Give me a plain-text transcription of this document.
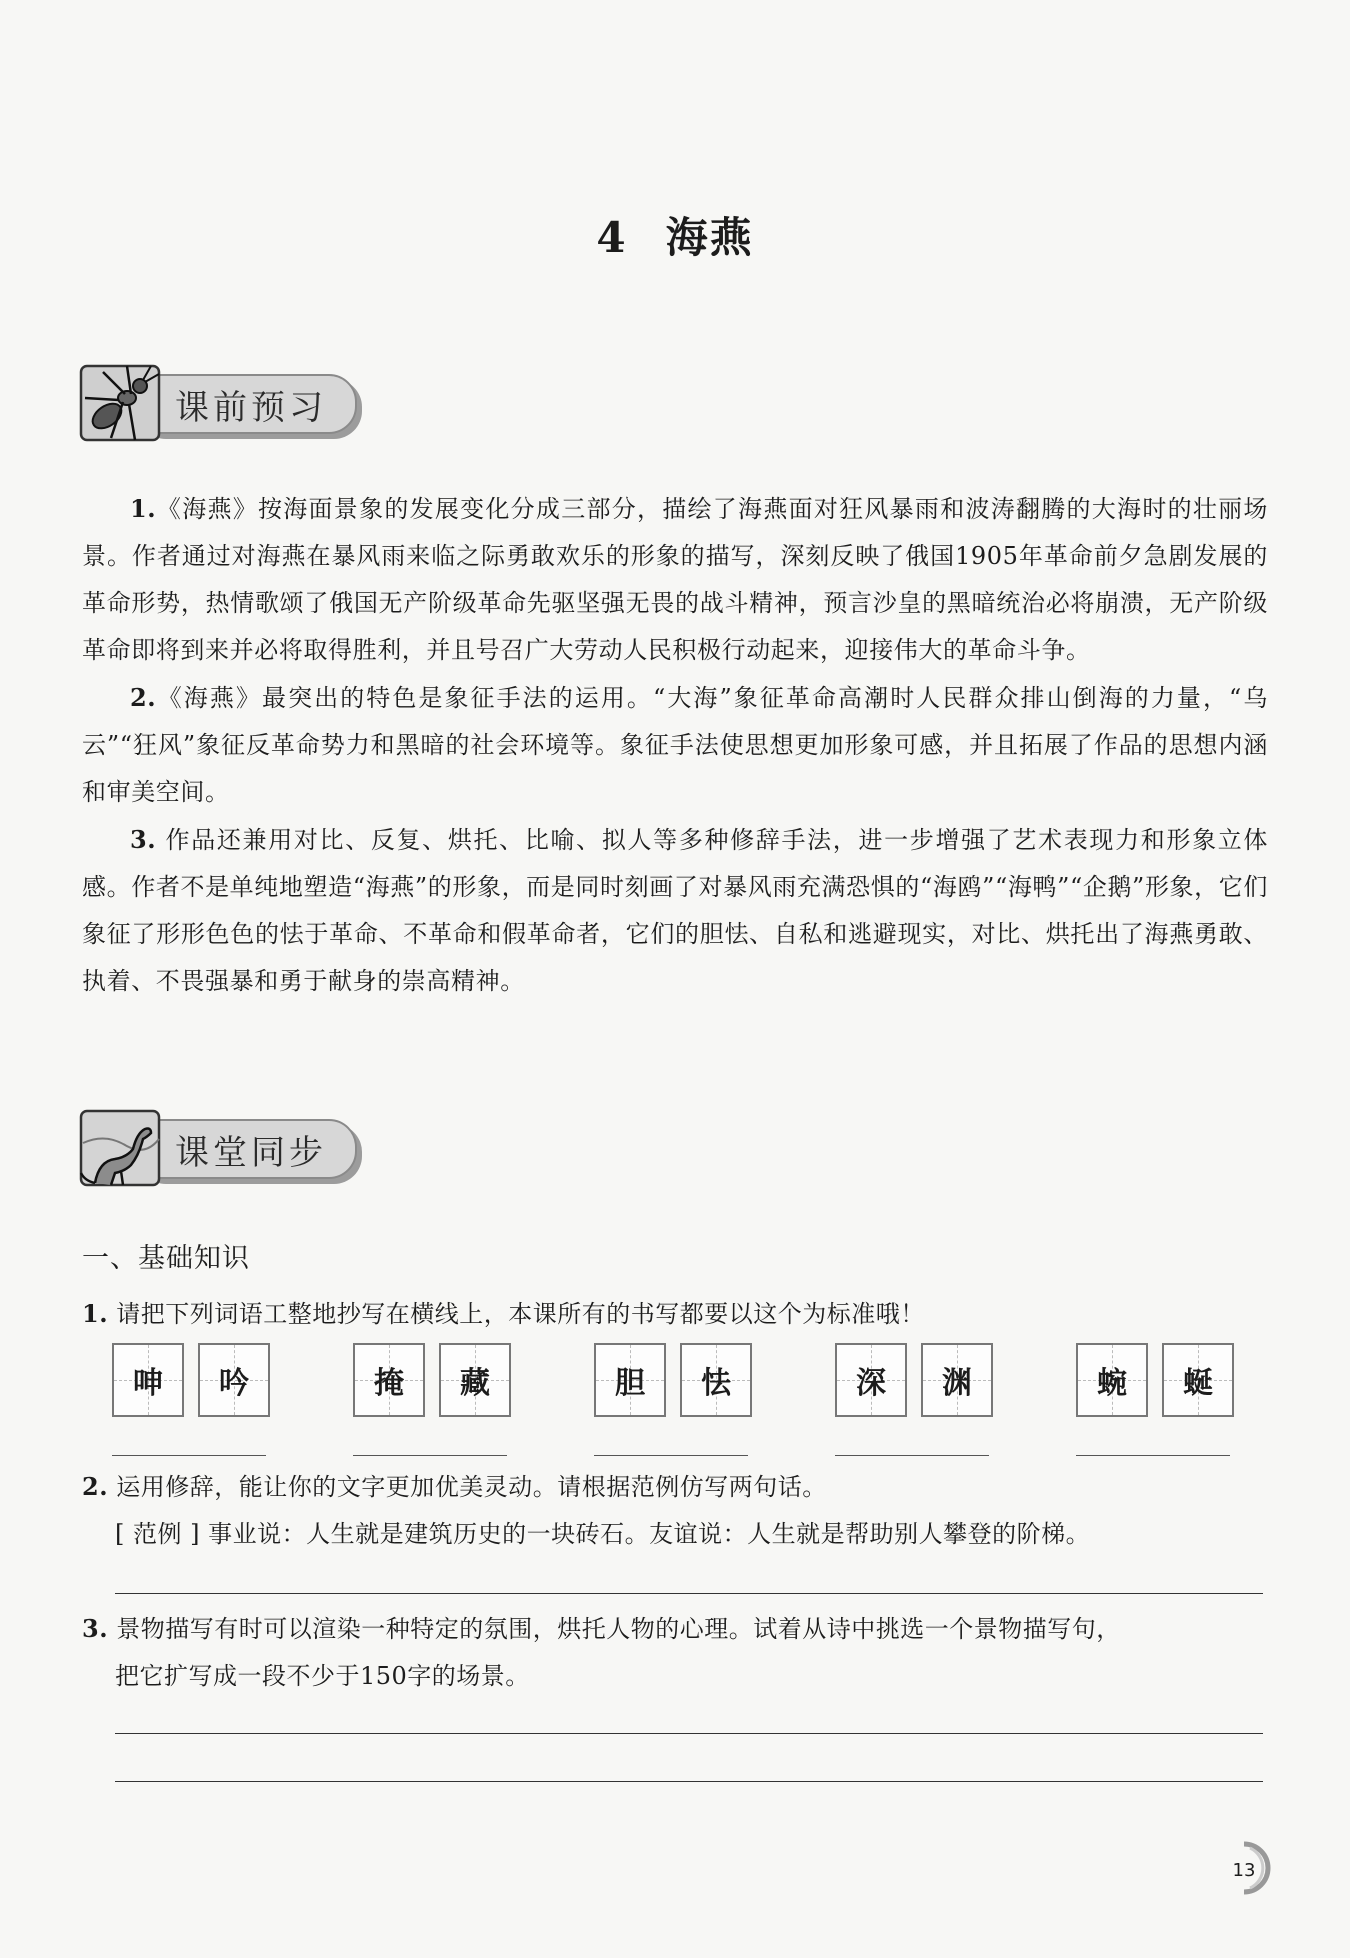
4 海燕
课前预习

1.《海燕》按海面景象的发展变化分成三部分，描绘了海燕面对狂风暴雨和波涛翻腾的大海时的壮丽场景。作者通过对海燕在暴风雨来临之际勇敢欢乐的形象的描写，深刻反映了俄国1905年革命前夕急剧发展的革命形势，热情歌颂了俄国无产阶级革命先驱坚强无畏的战斗精神，预言沙皇的黑暗统治必将崩溃，无产阶级革命即将到来并必将取得胜利，并且号召广大劳动人民积极行动起来，迎接伟大的革命斗争。

2.《海燕》最突出的特色是象征手法的运用。“大海”象征革命高潮时人民群众排山倒海的力量，“乌云”“狂风”象征反革命势力和黑暗的社会环境等。象征手法使思想更加形象可感，并且拓展了作品的思想内涵和审美空间。

3. 作品还兼用对比、反复、烘托、比喻、拟人等多种修辞手法，进一步增强了艺术表现力和形象立体感。作者不是单纯地塑造“海燕”的形象，而是同时刻画了对暴风雨充满恐惧的“海鸥”“海鸭”“企鹅”形象，它们象征了形形色色的怯于革命、不革命和假革命者，它们的胆怯、自私和逃避现实，对比、烘托出了海燕勇敢、执着、不畏强暴和勇于献身的崇高精神。

课堂同步
一、基础知识
1. 请把下列词语工整地抄写在横线上，本课所有的书写都要以这个为标准哦！
呻 吟	掩 藏	胆 怯	深 渊	蜿 蜒
2. 运用修辞，能让你的文字更加优美灵动。请根据范例仿写两句话。
[ 范例 ] 事业说：人生就是建筑历史的一块砖石。友谊说：人生就是帮助别人攀登的阶梯。
3. 景物描写有时可以渲染一种特定的氛围，烘托人物的心理。试着从诗中挑选一个景物描写句，
把它扩写成一段不少于150字的场景。
13
